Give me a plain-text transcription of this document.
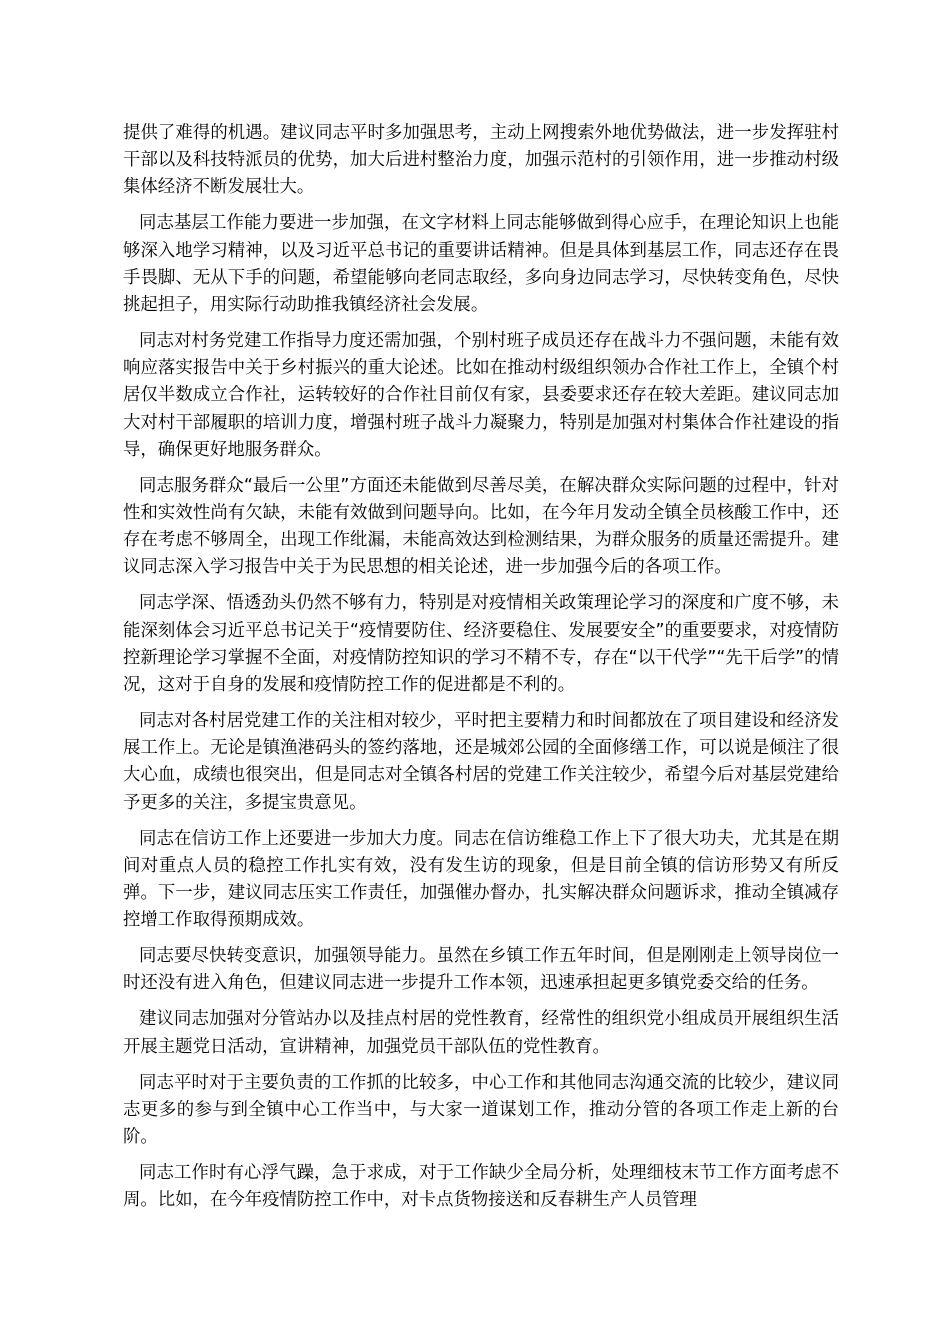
提供了难得的机遇。建议同志平时多加强思考，主动上网搜索外地优势做法，进一步发挥驻村干部以及科技特派员的优势，加大后进村整治力度，加强示范村的引领作用，进一步推动村级集体经济不断发展壮大。

同志基层工作能力要进一步加强，在文字材料上同志能够做到得心应手，在理论知识上也能够深入地学习精神，以及习近平总书记的重要讲话精神。但是具体到基层工作，同志还存在畏手畏脚、无从下手的问题，希望能够向老同志取经，多向身边同志学习，尽快转变角色，尽快挑起担子，用实际行动助推我镇经济社会发展。

同志对村务党建工作指导力度还需加强，个别村班子成员还存在战斗力不强问题，未能有效响应落实报告中关于乡村振兴的重大论述。比如在推动村级组织领办合作社工作上，全镇个村居仅半数成立合作社，运转较好的合作社目前仅有家，县委要求还存在较大差距。建议同志加大对村干部履职的培训力度，增强村班子战斗力凝聚力，特别是加强对村集体合作社建设的指导，确保更好地服务群众。

同志服务群众“最后一公里”方面还未能做到尽善尽美，在解决群众实际问题的过程中，针对性和实效性尚有欠缺，未能有效做到问题导向。比如，在今年月发动全镇全员核酸工作中，还存在考虑不够周全，出现工作纰漏，未能高效达到检测结果，为群众服务的质量还需提升。建议同志深入学习报告中关于为民思想的相关论述，进一步加强今后的各项工作。

同志学深、悟透劲头仍然不够有力，特别是对疫情相关政策理论学习的深度和广度不够，未能深刻体会习近平总书记关于“疫情要防住、经济要稳住、发展要安全”的重要要求，对疫情防控新理论学习掌握不全面，对疫情防控知识的学习不精不专，存在“以干代学”“先干后学”的情况，这对于自身的发展和疫情防控工作的促进都是不利的。

同志对各村居党建工作的关注相对较少，平时把主要精力和时间都放在了项目建设和经济发展工作上。无论是镇渔港码头的签约落地，还是城郊公园的全面修缮工作，可以说是倾注了很大心血，成绩也很突出，但是同志对全镇各村居的党建工作关注较少，希望今后对基层党建给予更多的关注，多提宝贵意见。

同志在信访工作上还要进一步加大力度。同志在信访维稳工作上下了很大功夫，尤其是在期间对重点人员的稳控工作扎实有效，没有发生访的现象，但是目前全镇的信访形势又有所反弹。下一步，建议同志压实工作责任，加强催办督办，扎实解决群众问题诉求，推动全镇减存控增工作取得预期成效。

同志要尽快转变意识，加强领导能力。虽然在乡镇工作五年时间，但是刚刚走上领导岗位一时还没有进入角色，但建议同志进一步提升工作本领，迅速承担起更多镇党委交给的任务。

建议同志加强对分管站办以及挂点村居的党性教育，经常性的组织党小组成员开展组织生活开展主题党日活动，宣讲精神，加强党员干部队伍的党性教育。

同志平时对于主要负责的工作抓的比较多，中心工作和其他同志沟通交流的比较少，建议同志更多的参与到全镇中心工作当中，与大家一道谋划工作，推动分管的各项工作走上新的台阶。

同志工作时有心浮气躁，急于求成，对于工作缺少全局分析，处理细枝末节工作方面考虑不周。比如，在今年疫情防控工作中，对卡点货物接送和反春耕生产人员管理
